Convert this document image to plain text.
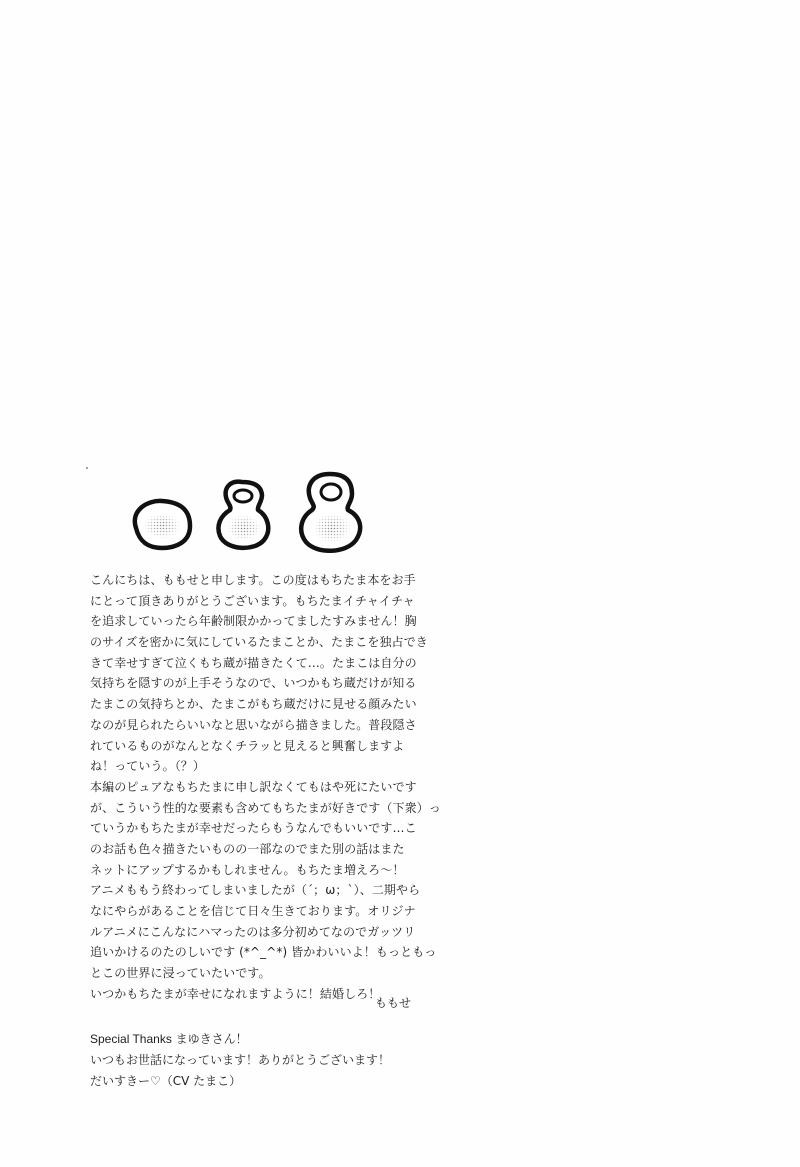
こんにちは、ももせと申します。この度はもちたま本をお手
にとって頂きありがとうございます。もちたまイチャイチャ
を追求していったら年齢制限かかってましたすみません！胸
のサイズを密かに気にしているたまことか、たまこを独占でき
きて幸せすぎて泣くもち蔵が描きたくて…。たまこは自分の
気持ちを隠すのが上手そうなので、いつかもち蔵だけが知る
たまこの気持ちとか、たまこがもち蔵だけに見せる顔みたい
なのが見られたらいいなと思いながら描きました。普段隠さ
れているものがなんとなくチラッと見えると興奮しますよ
ね！っていう。（？）
本編のピュアなもちたまに申し訳なくてもはや死にたいです
が、こういう性的な要素も含めてもちたまが好きです（下衆）っ
ていうかもちたまが幸せだったらもうなんでもいいです…こ
のお話も色々描きたいものの一部なのでまた別の話はまた
ネットにアップするかもしれません。もちたま増えろ～！
アニメももう終わってしまいましたが（´；ω；`）、二期やら
なにやらがあることを信じて日々生きております。オリジナ
ルアニメにこんなにハマったのは多分初めてなのでガッツリ
追いかけるのたのしいです (*^_^*) 皆かわいいよ！もっともっ
とこの世界に浸っていたいです。
いつかもちたまが幸せになれますように！結婚しろ！
ももせ
Special Thanks まゆきさん！
いつもお世話になっています！ありがとうございます！
だいすきー♡（CV たまこ）
